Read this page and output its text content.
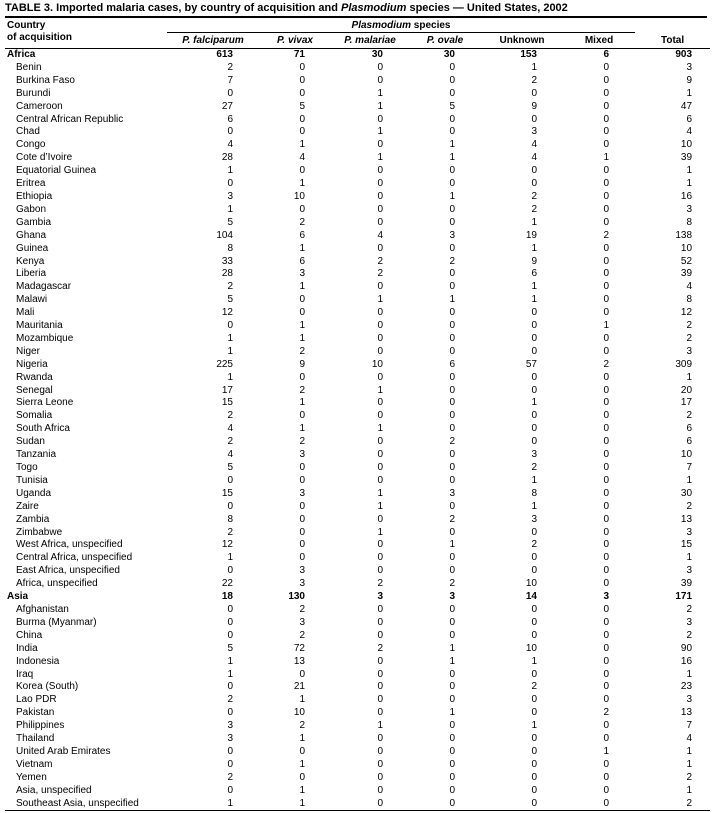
TABLE 3. Imported malaria cases, by country of acquisition and Plasmodium species — United States, 2002
Country
of acquisition	Plasmodium species						Total
	P. falciparum	P. vivax	P. malariae	P. ovale	Unknown	Mixed	
Africa	613	71	30	30	153	6	903
Benin	2	0	0	0	1	0	3
Burkina Faso	7	0	0	0	2	0	9
Burundi	0	0	1	0	0	0	1
Cameroon	27	5	1	5	9	0	47
Central African Republic	6	0	0	0	0	0	6
Chad	0	0	1	0	3	0	4
Congo	4	1	0	1	4	0	10
Cote d’Ivoire	28	4	1	1	4	1	39
Equatorial Guinea	1	0	0	0	0	0	1
Eritrea	0	1	0	0	0	0	1
Ethiopia	3	10	0	1	2	0	16
Gabon	1	0	0	0	2	0	3
Gambia	5	2	0	0	1	0	8
Ghana	104	6	4	3	19	2	138
Guinea	8	1	0	0	1	0	10
Kenya	33	6	2	2	9	0	52
Liberia	28	3	2	0	6	0	39
Madagascar	2	1	0	0	1	0	4
Malawi	5	0	1	1	1	0	8
Mali	12	0	0	0	0	0	12
Mauritania	0	1	0	0	0	1	2
Mozambique	1	1	0	0	0	0	2
Niger	1	2	0	0	0	0	3
Nigeria	225	9	10	6	57	2	309
Rwanda	1	0	0	0	0	0	1
Senegal	17	2	1	0	0	0	20
Sierra Leone	15	1	0	0	1	0	17
Somalia	2	0	0	0	0	0	2
South Africa	4	1	1	0	0	0	6
Sudan	2	2	0	2	0	0	6
Tanzania	4	3	0	0	3	0	10
Togo	5	0	0	0	2	0	7
Tunisia	0	0	0	0	1	0	1
Uganda	15	3	1	3	8	0	30
Zaire	0	0	1	0	1	0	2
Zambia	8	0	0	2	3	0	13
Zimbabwe	2	0	1	0	0	0	3
West Africa, unspecified	12	0	0	1	2	0	15
Central Africa, unspecified	1	0	0	0	0	0	1
East Africa, unspecified	0	3	0	0	0	0	3
Africa, unspecified	22	3	2	2	10	0	39
Asia	18	130	3	3	14	3	171
Afghanistan	0	2	0	0	0	0	2
Burma (Myanmar)	0	3	0	0	0	0	3
China	0	2	0	0	0	0	2
India	5	72	2	1	10	0	90
Indonesia	1	13	0	1	1	0	16
Iraq	1	0	0	0	0	0	1
Korea (South)	0	21	0	0	2	0	23
Lao PDR	2	1	0	0	0	0	3
Pakistan	0	10	0	1	0	2	13
Philippines	3	2	1	0	1	0	7
Thailand	3	1	0	0	0	0	4
United Arab Emirates	0	0	0	0	0	1	1
Vietnam	0	1	0	0	0	0	1
Yemen	2	0	0	0	0	0	2
Asia, unspecified	0	1	0	0	0	0	1
Southeast Asia, unspecified	1	1	0	0	0	0	2
